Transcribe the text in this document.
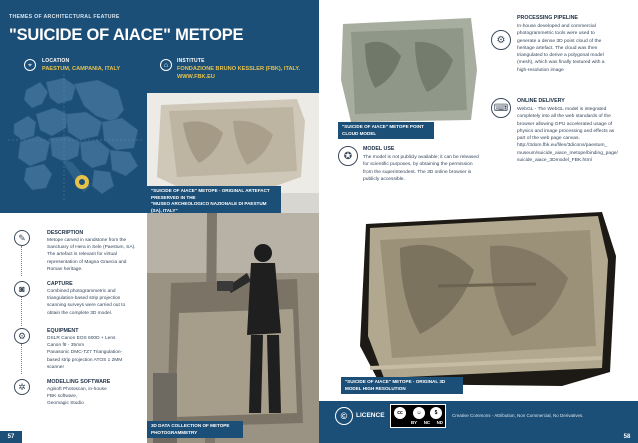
THEMES OF ARCHITECTURAL FEATURE
"SUICIDE OF AIACE" METOPE
⌖
LOCATION
PAESTUM, CAMPANIA, ITALY	⌂
INSTITUTE
FONDAZIONE BRUNO KESSLER (FBK), ITALY.
WWW.FBK.EU
"SUICIDE OF AIACE" METOPE - ORIGINAL ARTEFACT PRESERVED IN THE
"MUSEO ARCHEOLOGICO NAZIONALE DI PAESTUM (SA), ITALY"
3D DATA COLLECTION OF METOPE PHOTOGRAMMETRY
✎	DESCRIPTION
Metope carved in sandstone from the
Sanctuary of Hera in Sele (Paestum, SA).
The artefact is relevant for virtual
representation of Magna Graecia and
Roman heritage.
◙	CAPTURE
Combined photogrammetric and
triangulation-based strip projection
scanning surveys were carried out to
obtain the complete 3D model.
⚙	EQUIPMENT
DSLR Canon EOS 600D + Lens
Canon f8 - 35mm
Panasonic DMC-TZ7 Triangulation-
based strip projection ATOS 1 2MM
scanner
✲	MODELLING SOFTWARE
Agisoft Photoscan, in-house
FBK software,
Geomagic Studio
57
"SUICIDE OF AIACE" METOPE POINT CLOUD MODEL
⚙
PROCESSING PIPELINE
In-house developed and commercial
photogrammetric tools were used to
generate a dense 3D point cloud of the
heritage artefact. The cloud was then
triangulated to derive a polygonal model
(mesh), which was finally textured with a
high-resolution image
⌨
ONLINE DELIVERY
WebGL - The WebGL model is integrated
completely into all the web standards of the
browser allowing GPU accelerated usage of
physics and image processing and effects as
part of the web page canvas.
http://3dom.fbk.eu/files/3dicons/paestum_
museum/suicide_aiace_metope/binding_page/
suicide_aiace_3Dmodel_FBK.html
✪
MODEL USE
The model is not publicly available; it can be released
for scientific purposes, by obtaining the permission
from the superintendent. The 3D online browser is
publicly accessible.
"SUICIDE OF AIACE" METOPE - ORIGINAL 3D MODEL HIGH RESOLUTION
©	LICENCE	cc	☺	$
BY NC ND
Creative Commons - Attribution, Non Commercial, No Derivatives.
58
